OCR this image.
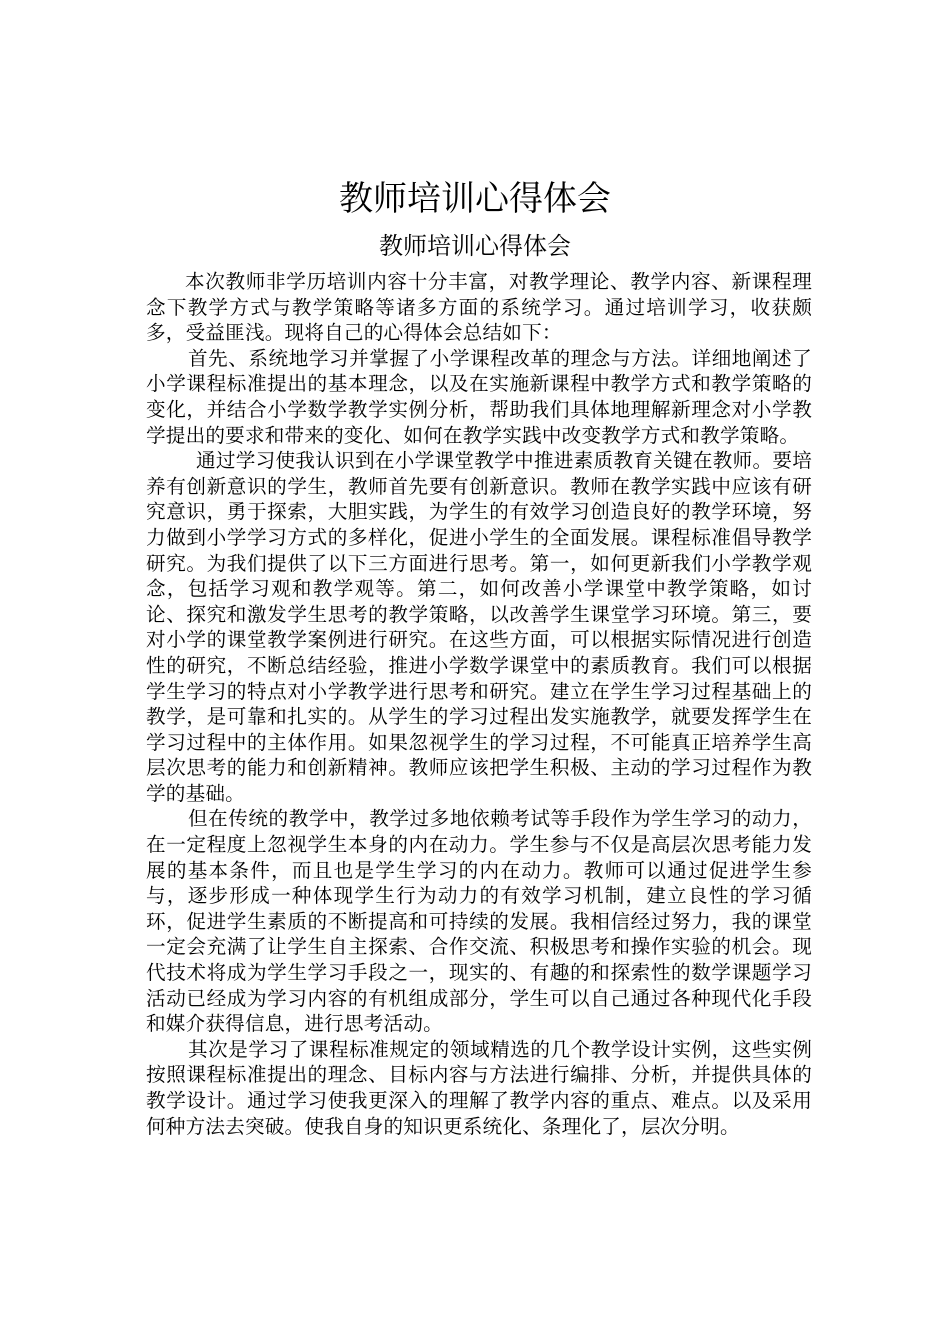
教师培训心得体会
教师培训心得体会

本次教师非学历培训内容十分丰富，对教学理论、教学内容、新课程理念下教学方式与教学策略等诸多方面的系统学习。通过培训学习，收获颇多，受益匪浅。现将自己的心得体会总结如下：

首先、系统地学习并掌握了小学课程改革的理念与方法。详细地阐述了小学课程标准提出的基本理念，以及在实施新课程中教学方式和教学策略的变化，并结合小学数学教学实例分析，帮助我们具体地理解新理念对小学教学提出的要求和带来的变化、如何在教学实践中改变教学方式和教学策略。

通过学习使我认识到在小学课堂教学中推进素质教育关键在教师。要培养有创新意识的学生，教师首先要有创新意识。教师在教学实践中应该有研究意识，勇于探索，大胆实践，为学生的有效学习创造良好的教学环境，努力做到小学学习方式的多样化，促进小学生的全面发展。课程标准倡导教学研究。为我们提供了以下三方面进行思考。第一，如何更新我们小学教学观念，包括学习观和教学观等。第二，如何改善小学课堂中教学策略，如讨论、探究和激发学生思考的教学策略，以改善学生课堂学习环境。第三，要对小学的课堂教学案例进行研究。在这些方面，可以根据实际情况进行创造性的研究，不断总结经验，推进小学数学课堂中的素质教育。我们可以根据学生学习的特点对小学教学进行思考和研究。建立在学生学习过程基础上的教学，是可靠和扎实的。从学生的学习过程出发实施教学，就要发挥学生在学习过程中的主体作用。如果忽视学生的学习过程，不可能真正培养学生高层次思考的能力和创新精神。教师应该把学生积极、主动的学习过程作为教学的基础。

但在传统的教学中，教学过多地依赖考试等手段作为学生学习的动力，在一定程度上忽视学生本身的内在动力。学生参与不仅是高层次思考能力发展的基本条件，而且也是学生学习的内在动力。教师可以通过促进学生参与，逐步形成一种体现学生行为动力的有效学习机制，建立良性的学习循环，促进学生素质的不断提高和可持续的发展。我相信经过努力，我的课堂一定会充满了让学生自主探索、合作交流、积极思考和操作实验的机会。现代技术将成为学生学习手段之一，现实的、有趣的和探索性的数学课题学习活动已经成为学习内容的有机组成部分，学生可以自己通过各种现代化手段和媒介获得信息，进行思考活动。

其次是学习了课程标准规定的领域精选的几个教学设计实例，这些实例按照课程标准提出的理念、目标内容与方法进行编排、分析，并提供具体的教学设计。通过学习使我更深入的理解了教学内容的重点、难点。以及采用何种方法去突破。使我自身的知识更系统化、条理化了，层次分明。
